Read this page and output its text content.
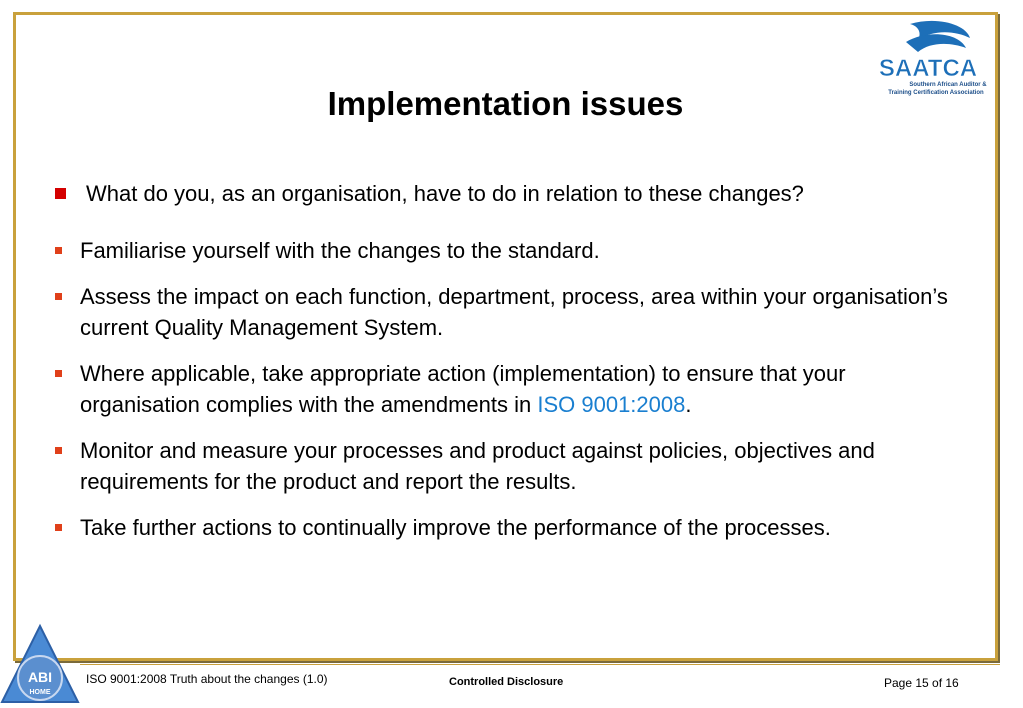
Implementation issues
SAATCA
Southern African Auditor &
Training Certification Association
What do you, as an organisation, have to do in relation to these changes?
Familiarise yourself with the changes to the standard.
Assess the impact on each function, department, process, area within your organisation’s current Quality Management System.
Where applicable, take appropriate action (implementation) to ensure that your organisation complies with the amendments in ISO 9001:2008.
Monitor and measure your processes and product against policies, objectives and requirements for the product and report the results.
Take further actions to continually improve the performance of the processes.
ABI
HOME
ISO 9001:2008 Truth about the changes (1.0)	Controlled Disclosure	Page 15 of 16
